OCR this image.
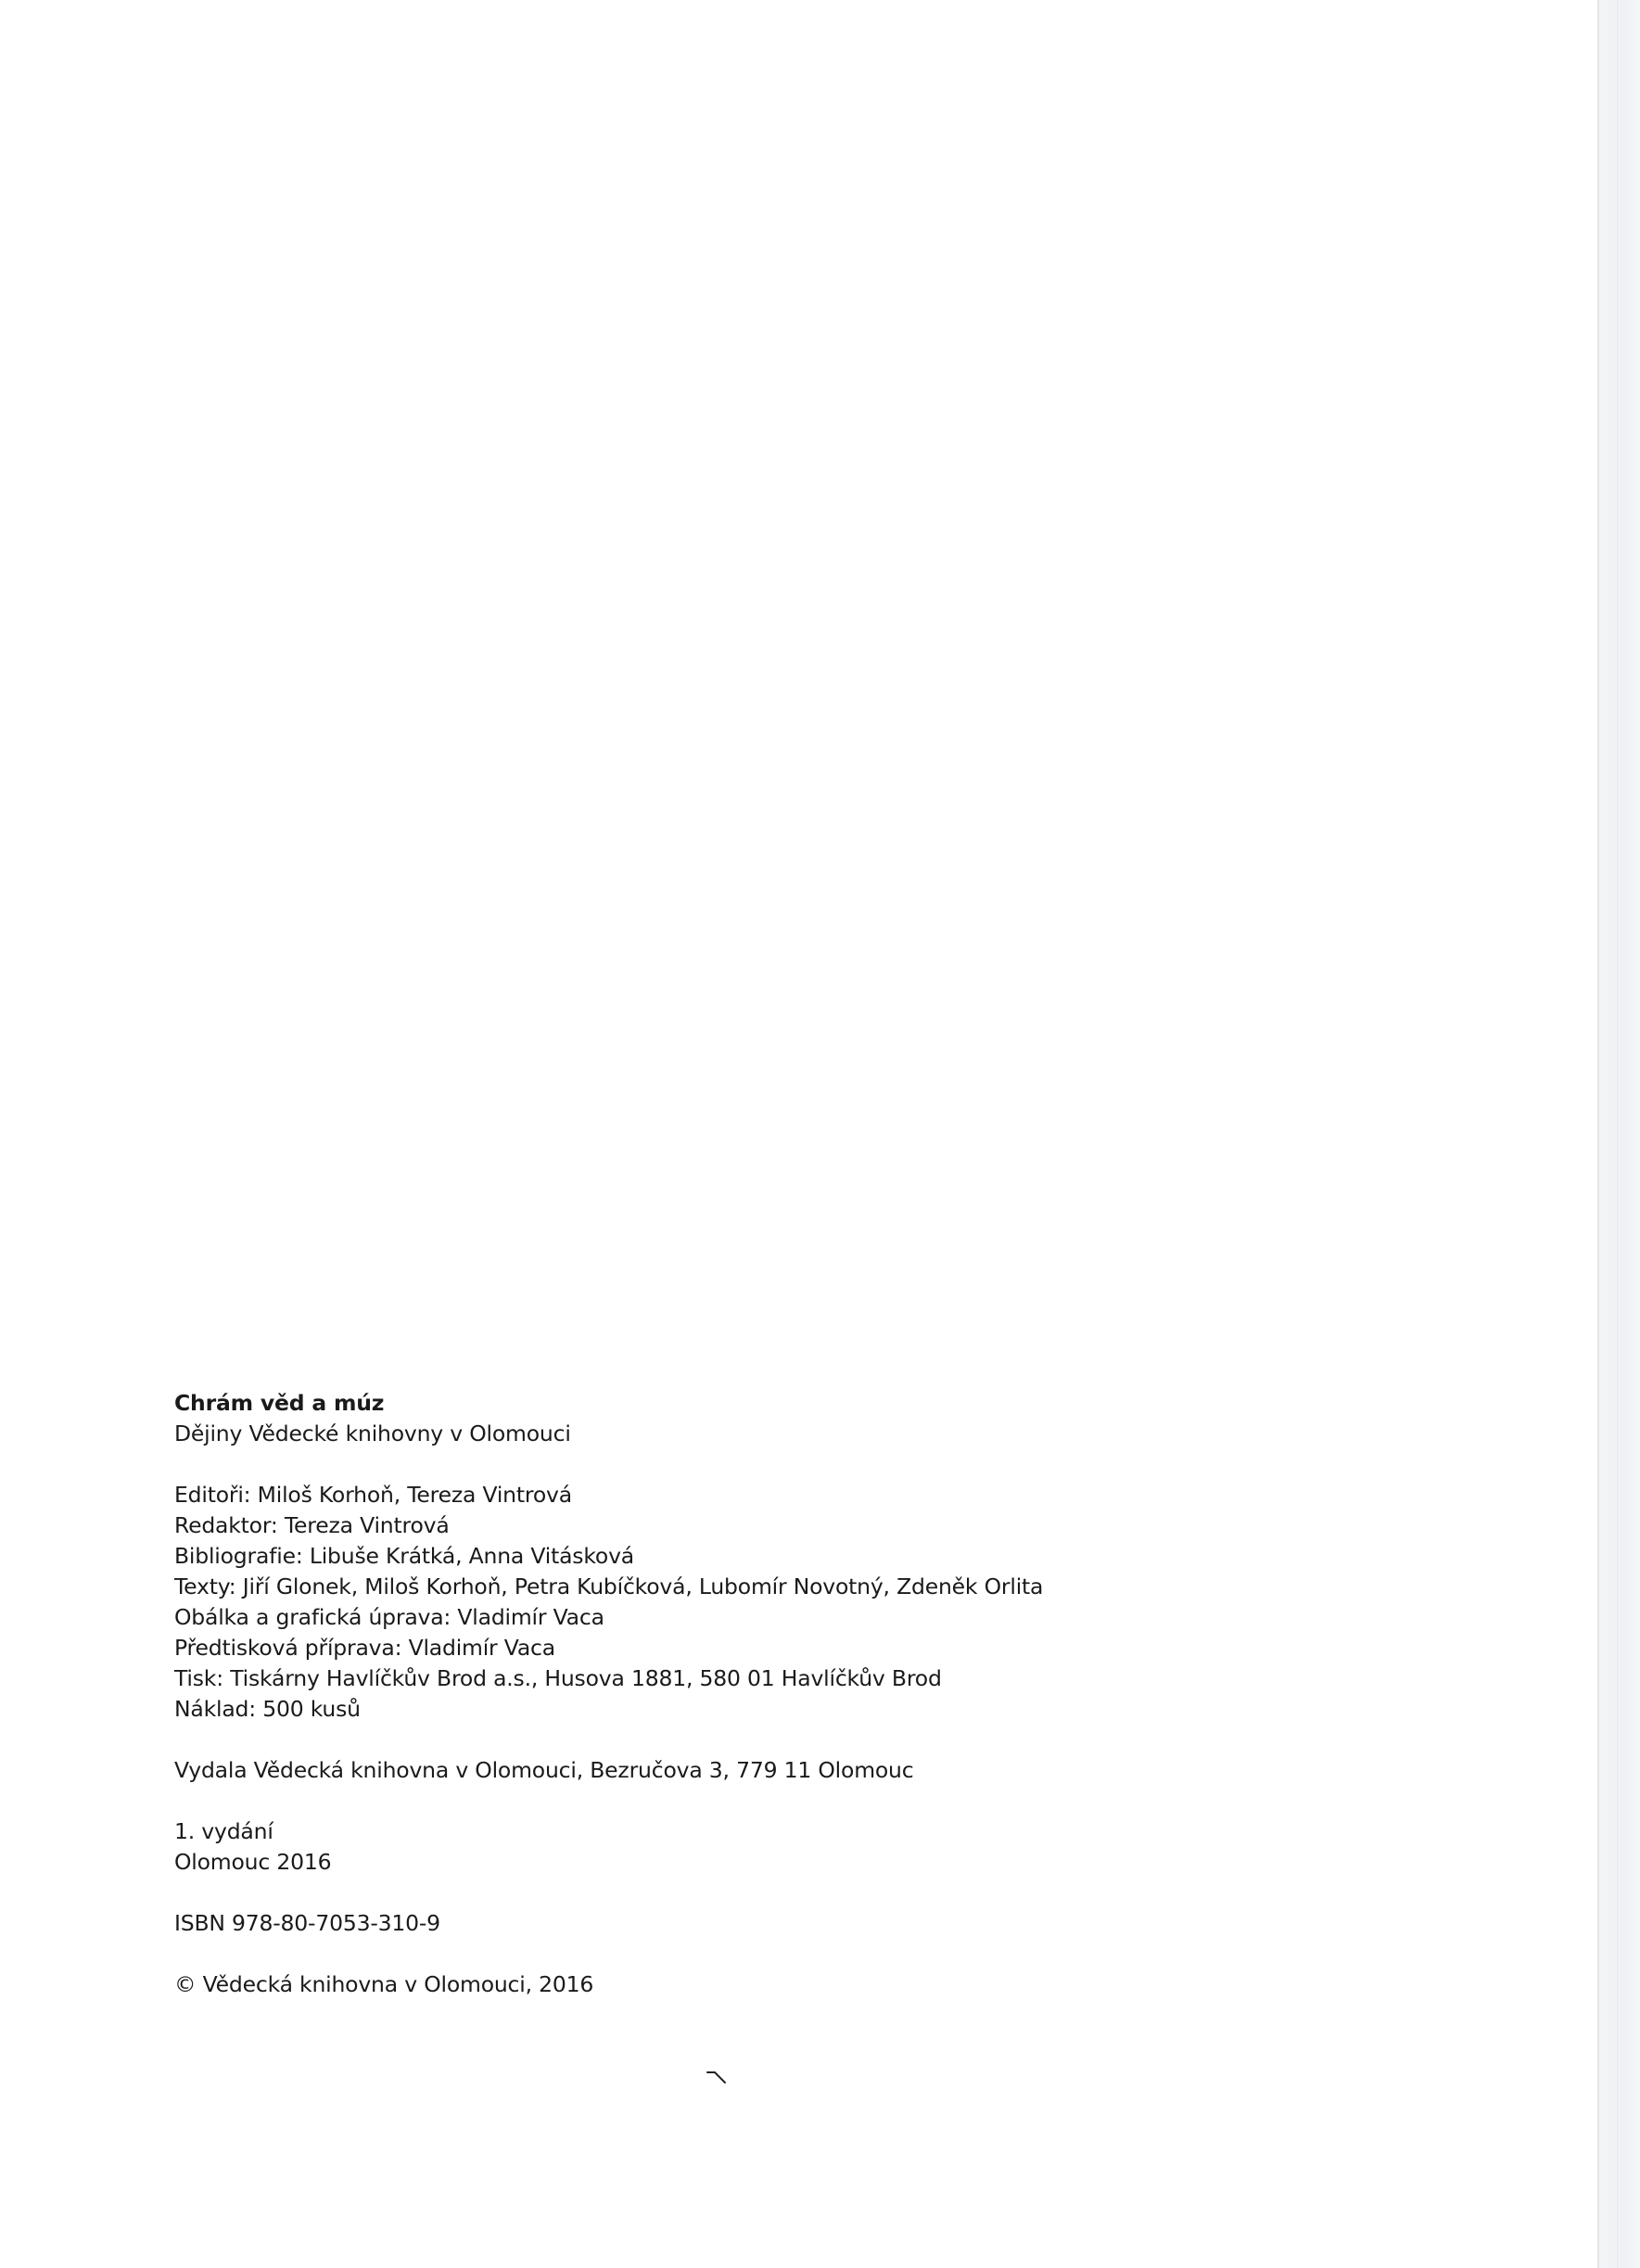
Chrám věd a múz
Dějiny Vědecké knihovny v Olomouci
Editoři: Miloš Korhoň, Tereza Vintrová
Redaktor: Tereza Vintrová
Bibliografie: Libuše Krátká, Anna Vitásková
Texty: Jiří Glonek, Miloš Korhoň, Petra Kubíčková, Lubomír Novotný, Zdeněk Orlita
Obálka a grafická úprava: Vladimír Vaca
Předtisková příprava: Vladimír Vaca
Tisk: Tiskárny Havlíčkův Brod a.s., Husova 1881, 580 01 Havlíčkův Brod
Náklad: 500 kusů
Vydala Vědecká knihovna v Olomouci, Bezručova 3, 779 11 Olomouc
1. vydání
Olomouc 2016
ISBN 978-80-7053-310-9
© Vědecká knihovna v Olomouci, 2016
